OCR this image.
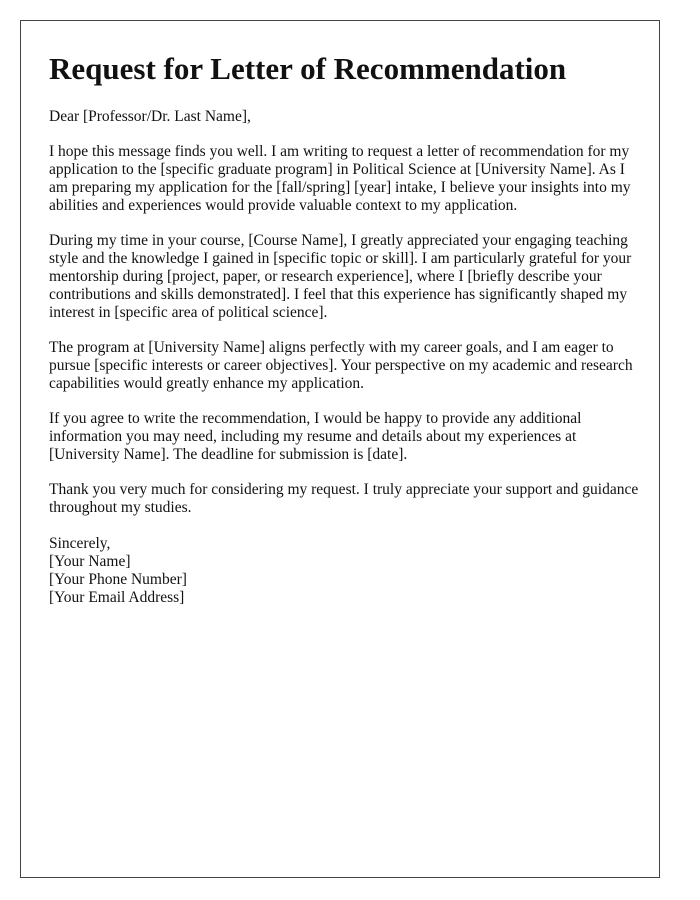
Request for Letter of Recommendation

Dear [Professor/Dr. Last Name],

I hope this message finds you well. I am writing to request a letter of recommendation for my application to the [specific graduate program] in Political Science at [University Name]. As I am preparing my application for the [fall/spring] [year] intake, I believe your insights into my abilities and experiences would provide valuable context to my application.

During my time in your course, [Course Name], I greatly appreciated your engaging teaching style and the knowledge I gained in [specific topic or skill]. I am particularly grateful for your mentorship during [project, paper, or research experience], where I [briefly describe your contributions and skills demonstrated]. I feel that this experience has significantly shaped my interest in [specific area of political science].

The program at [University Name] aligns perfectly with my career goals, and I am eager to pursue [specific interests or career objectives]. Your perspective on my academic and research capabilities would greatly enhance my application.

If you agree to write the recommendation, I would be happy to provide any additional information you may need, including my resume and details about my experiences at [University Name]. The deadline for submission is [date].

Thank you very much for considering my request. I truly appreciate your support and guidance throughout my studies.

Sincerely,
[Your Name]
[Your Phone Number]
[Your Email Address]
